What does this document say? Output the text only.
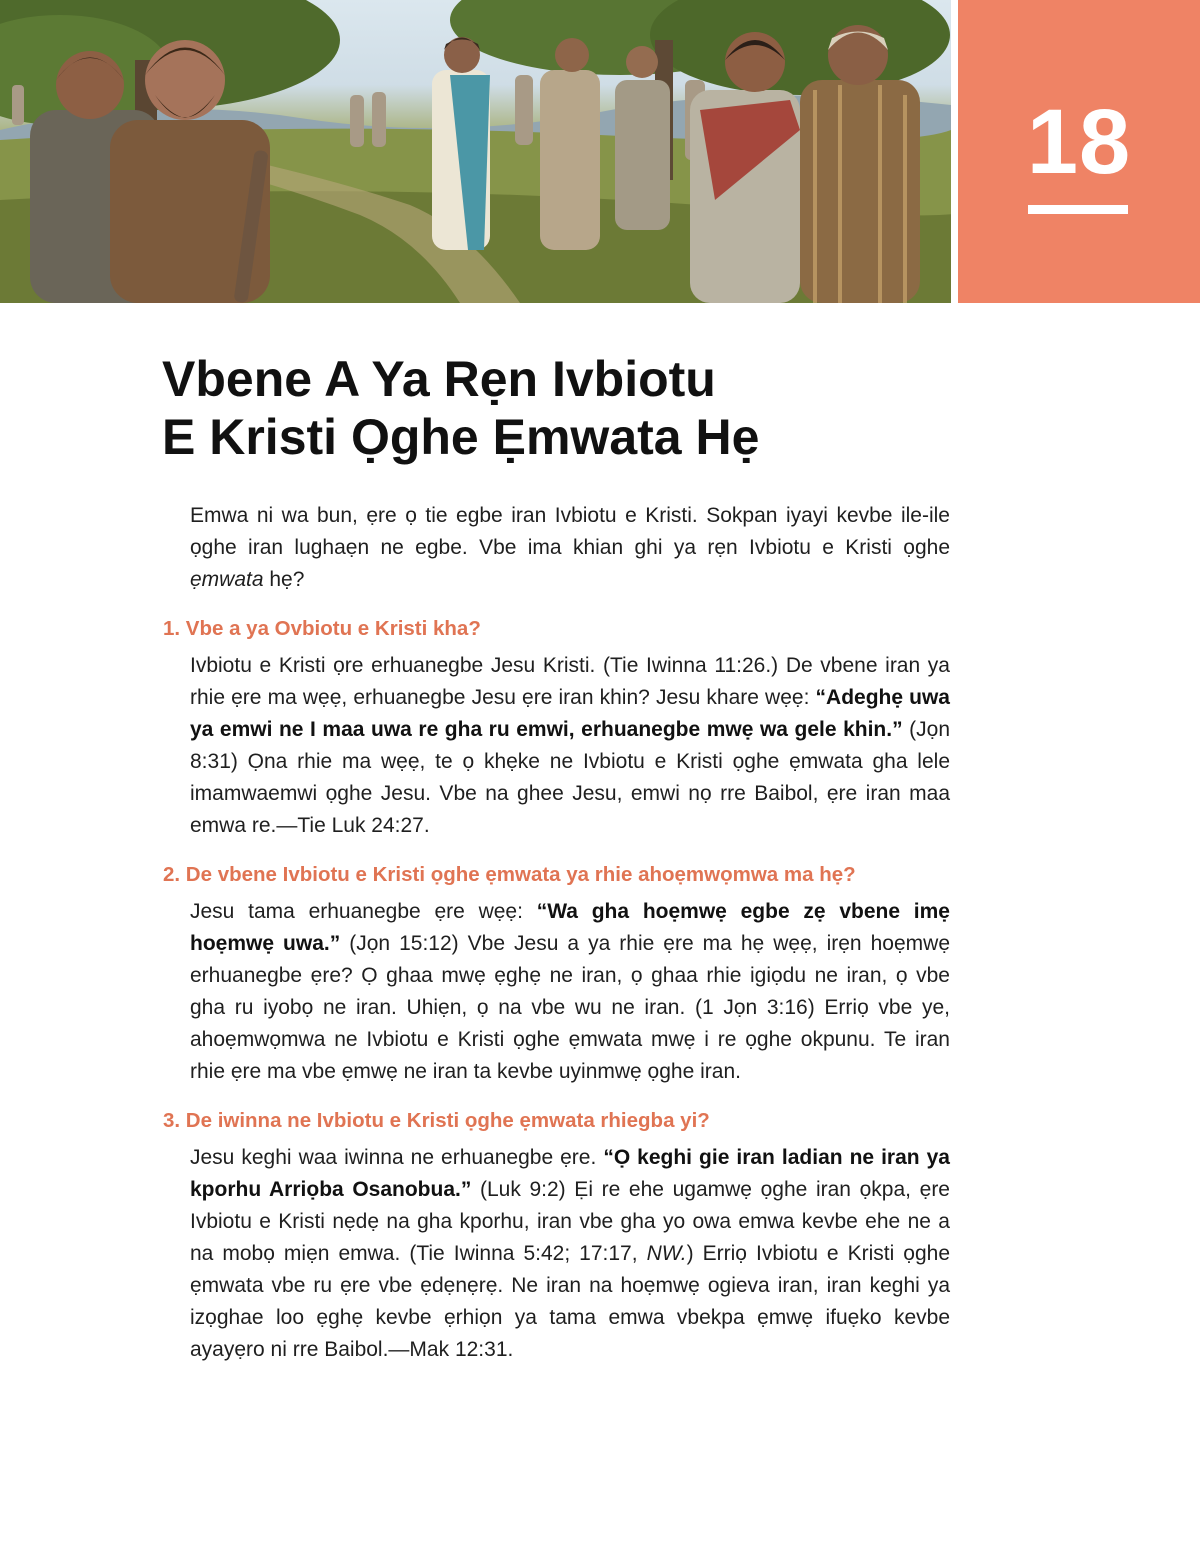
18
Vbene A Ya Rẹn Ivbiotu
E Kristi Ọghe Ẹmwata Hẹ

Emwa ni wa bun, ẹre ọ tie egbe iran Ivbiotu e Kristi. Sokpan iyayi kevbe ile-ile ọghe iran lughaẹn ne egbe. Vbe ima khian ghi ya rẹn Ivbiotu e Kristi ọghe ẹmwata hẹ?

1. Vbe a ya Ovbiotu e Kristi kha?

Ivbiotu e Kristi ọre erhuanegbe Jesu Kristi. (Tie Iwinna 11:26.) De vbene iran ya rhie ẹre ma wẹẹ, erhuanegbe Jesu ẹre iran khin? Jesu khare wẹẹ: “Adeghẹ uwa ya emwi ne I maa uwa re gha ru emwi, erhuanegbe mwẹ wa gele khin.” (Jọn 8:31) Ọna rhie ma wẹẹ, te ọ khẹke ne Ivbiotu e Kristi ọghe ẹmwata gha lele imamwaemwi ọghe Jesu. Vbe na ghee Jesu, emwi nọ rre Baibol, ẹre iran maa emwa re.—Tie Luk 24:27.

2. De vbene Ivbiotu e Kristi ọghe ẹmwata ya rhie ahoẹmwọmwa ma hẹ?

Jesu tama erhuanegbe ẹre wẹẹ: “Wa gha hoẹmwẹ egbe zẹ vbene imẹ hoẹmwẹ uwa.” (Jọn 15:12) Vbe Jesu a ya rhie ẹre ma hẹ wẹẹ, irẹn hoẹmwẹ erhuanegbe ẹre? Ọ ghaa mwẹ ẹghẹ ne iran, ọ ghaa rhie igiọdu ne iran, ọ vbe gha ru iyobọ ne iran. Uhiẹn, ọ na vbe wu ne iran. (1 Jọn 3:16) Erriọ vbe ye, ahoẹmwọmwa ne Ivbiotu e Kristi ọghe ẹmwata mwẹ i re ọghe okpunu. Te iran rhie ẹre ma vbe ẹmwẹ ne iran ta kevbe uyinmwẹ ọghe iran.

3. De iwinna ne Ivbiotu e Kristi ọghe ẹmwata rhiegba yi?

Jesu keghi waa iwinna ne erhuanegbe ẹre. “Ọ keghi gie iran ladian ne iran ya kporhu Arriọba Osanobua.” (Luk 9:2) Ẹi re ehe ugamwẹ ọghe iran ọkpa, ẹre Ivbiotu e Kristi nẹdẹ na gha kporhu, iran vbe gha yo owa emwa kevbe ehe ne a na mobọ miẹn emwa. (Tie Iwinna 5:42; 17:17, NW.) Erriọ Ivbiotu e Kristi ọghe ẹmwata vbe ru ẹre vbe ẹdẹnẹrẹ. Ne iran na hoẹmwẹ ogieva iran, iran keghi ya izọghae loo ẹghẹ kevbe ẹrhiọn ya tama emwa vbekpa ẹmwẹ ifuẹko kevbe ayayẹro ni rre Baibol.—Mak 12:31.
